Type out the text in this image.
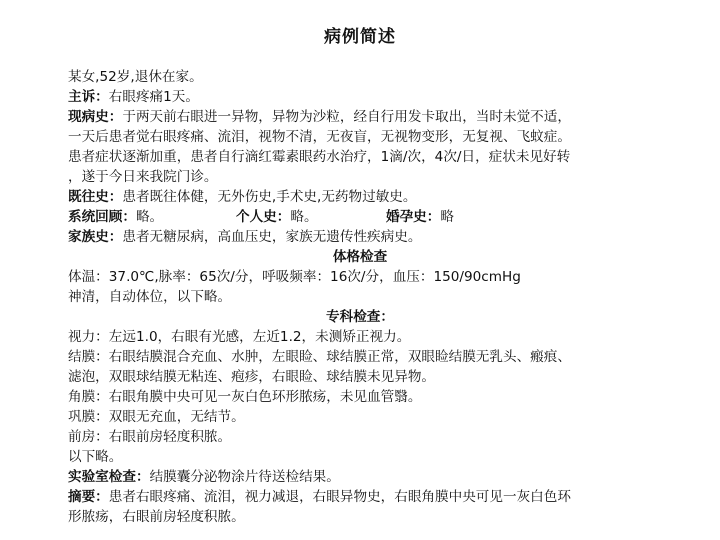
病例简述
某女,52岁,退休在家。
主诉：右眼疼痛1天。
现病史：于两天前右眼进一异物，异物为沙粒，经自行用发卡取出，当时未觉不适，
一天后患者觉右眼疼痛、流泪，视物不清，无夜盲，无视物变形，无复视、飞蚊症。
患者症状逐渐加重，患者自行滴红霉素眼药水治疗，1滴/次，4次/日，症状未见好转
，遂于今日来我院门诊。
既往史：患者既往体健，无外伤史,手术史,无药物过敏史。
系统回顾：略。	个人史：略。	婚孕史：略
家族史：患者无糖尿病，高血压史，家族无遗传性疾病史。
体格检查
体温：37.0℃,脉率：65次/分，呼吸频率：16次/分，血压：150/90cmHg
神清，自动体位，以下略。
专科检查：
视力：左远1.0，右眼有光感，左近1.2，未测矫正视力。
结膜：右眼结膜混合充血、水肿，左眼睑、球结膜正常，双眼睑结膜无乳头、瘢痕、
滤泡，双眼球结膜无粘连、疱疹，右眼睑、球结膜未见异物。
角膜：右眼角膜中央可见一灰白色环形脓疡，未见血管翳。
巩膜：双眼无充血，无结节。
前房：右眼前房轻度积脓。
以下略。
实验室检查：结膜囊分泌物涂片待送检结果。
摘要：患者右眼疼痛、流泪，视力减退，右眼异物史，右眼角膜中央可见一灰白色环
形脓疡，右眼前房轻度积脓。
